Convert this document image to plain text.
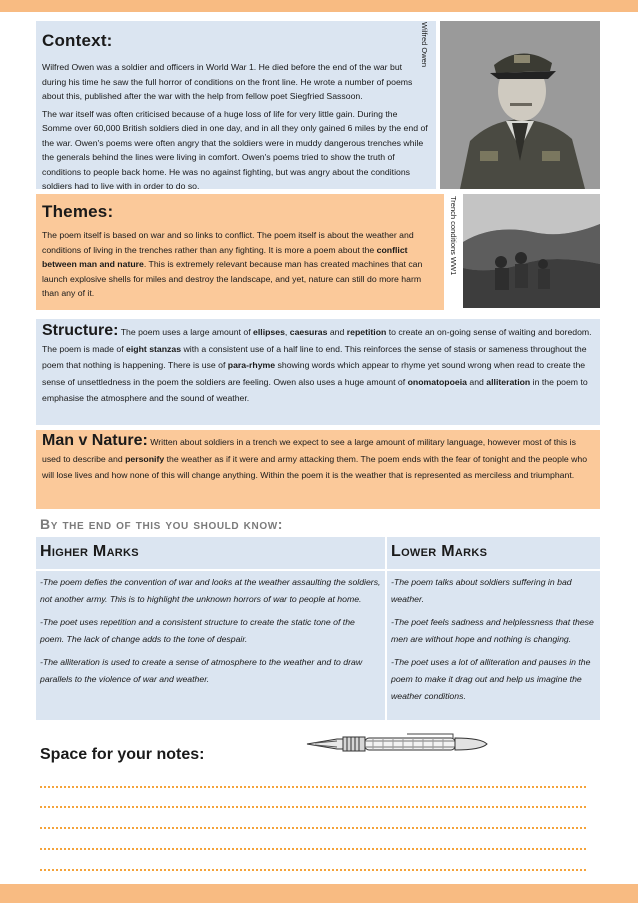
Context:

Wilfred Owen was a soldier and officers in World War 1. He died before the end of the war but during his time he saw the full horror of conditions on the front line. He wrote a number of poems about this, published after the war with the help from fellow poet Siegfried Sassoon.

The war itself was often criticised because of a huge loss of life for very little gain. During the Somme over 60,000 British soldiers died in one day, and in all they only gained 6 miles by the end of the war. Owen's poems were often angry that the soldiers were in muddy dangerous trenches while the generals behind the lines were living in comfort. Owen's poems tried to show the truth of conditions to people back home. He was no against fighting, but was angry about the conditions soldiers had to live with in order to do so.

Wilfred Owen
Themes:

The poem itself is based on war and so links to conflict. The poem itself is about the weather and conditions of living in the trenches rather than any fighting. It is more a poem about the conflict between man and nature. This is extremely relevant because man has created machines that can launch explosive shells for miles and destroy the landscape, and yet, nature can still do more harm than any of it.

Trench conditions WW1

Structure: The poem uses a large amount of ellipses, caesuras and repetition to create an on-going sense of waiting and boredom. The poem is made of eight stanzas with a consistent use of a half line to end. This reinforces the sense of stasis or sameness throughout the poem that nothing is happening. There is use of para-rhyme showing words which appear to rhyme yet sound wrong when read to create the sense of unsettledness in the poem the soldiers are feeling. Owen also uses a huge amount of onomatopoeia and alliteration in the poem to emphasise the atmosphere and the sound of weather.

Man v Nature: Written about soldiers in a trench we expect to see a large amount of military language, however most of this is used to describe and personify the weather as if it were and army attacking them. The poem ends with the fear of tonight and the people who will lose lives and how none of this will change anything. Within the poem it is the weather that is represented as merciless and triumphant.

By the end of this you should know:
Higher Marks

-The poem defies the convention of war and looks at the weather assaulting the soldiers, not another army. This is to highlight the unknown horrors of war to people at home.

-The poet uses repetition and a consistent structure to create the static tone of the poem. The lack of change adds to the tone of despair.

-The alliteration is used to create a sense of atmosphere to the weather and to draw parallels to the violence of war and weather.

Lower Marks

-The poem talks about soldiers suffering in bad weather.

-The poet feels sadness and helplessness that these men are without hope and nothing is changing.

-The poet uses a lot of alliteration and pauses in the poem to make it drag out and help us imagine the weather conditions.

Space for your notes:
